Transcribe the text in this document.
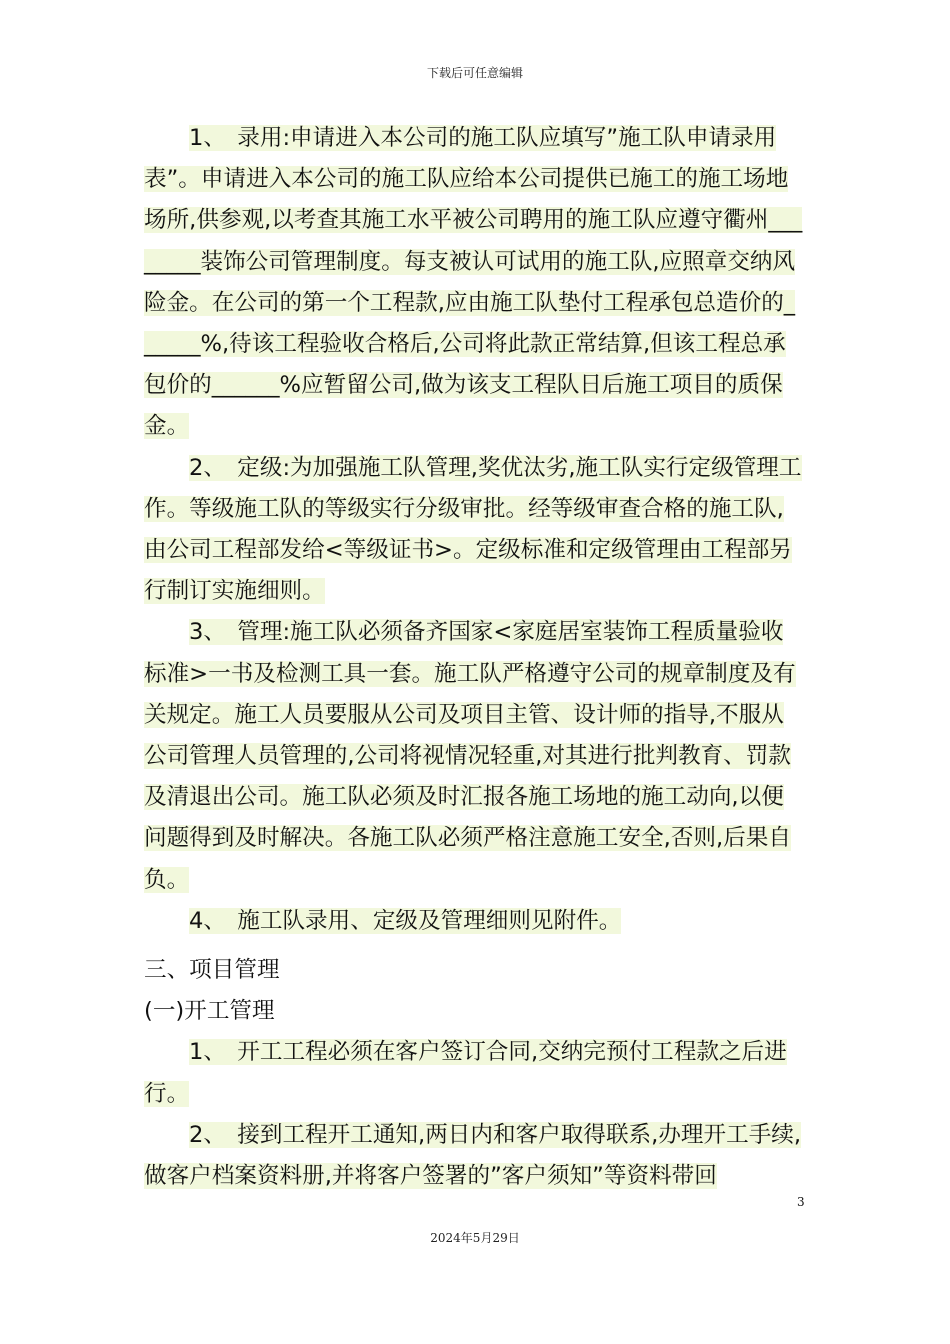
下载后可任意编辑

1、　录用:申请进入本公司的施工队应填写”施工队申请录用表”。申请进入本公司的施工队应给本公司提供已施工的施工场地场所,供参观,以考查其施工水平被公司聘用的施工队应遵守衢州________装饰公司管理制度。每支被认可试用的施工队,应照章交纳风险金。在公司的第一个工程款,应由施工队垫付工程承包总造价的______%,待该工程验收合格后,公司将此款正常结算,但该工程总承包价的______%应暂留公司,做为该支工程队日后施工项目的质保金。

2、　定级:为加强施工队管理,奖优汰劣,施工队实行定级管理工作。等级施工队的等级实行分级审批。经等级审查合格的施工队,由公司工程部发给<等级证书>。定级标准和定级管理由工程部另行制订实施细则。

3、　管理:施工队必须备齐国家<家庭居室装饰工程质量验收标准>一书及检测工具一套。施工队严格遵守公司的规章制度及有关规定。施工人员要服从公司及项目主管、设计师的指导,不服从公司管理人员管理的,公司将视情况轻重,对其进行批判教育、罚款及清退出公司。施工队必须及时汇报各施工场地的施工动向,以便问题得到及时解决。各施工队必须严格注意施工安全,否则,后果自负。

4、　施工队录用、定级及管理细则见附件。

三、项目管理

(一)开工管理

1、　开工工程必须在客户签订合同,交纳完预付工程款之后进行。

2、　接到工程开工通知,两日内和客户取得联系,办理开工手续,做客户档案资料册,并将客户签署的”客户须知”等资料带回

3
2024年5月29日
